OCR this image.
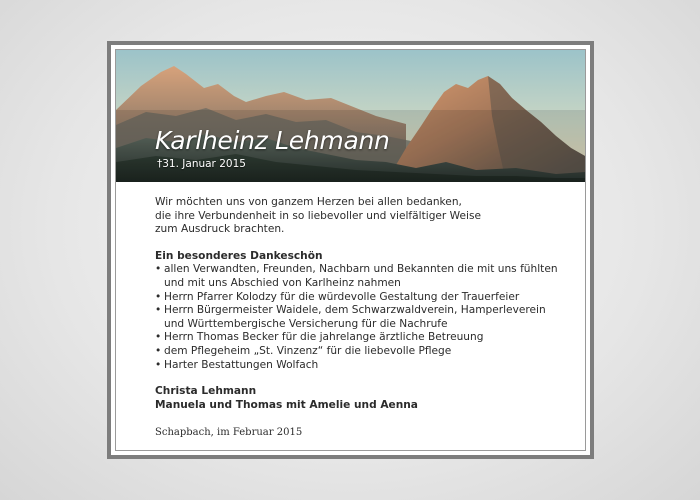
Karlheinz Lehmann
†31. Januar 2015
Wir möchten uns von ganzem Herzen bei allen bedanken,
die ihre Verbundenheit in so liebevoller und vielfältiger Weise
zum Ausdruck brachten.
Ein besonderes Dankeschön
• allen Verwandten, Freunden, Nachbarn und Bekannten die mit uns fühlten
und mit uns Abschied von Karlheinz nahmen
• Herrn Pfarrer Kolodzy für die würdevolle Gestaltung der Trauerfeier
• Herrn Bürgermeister Waidele, dem Schwarzwaldverein, Hamperleverein
und Württembergische Versicherung für die Nachrufe
• Herrn Thomas Becker für die jahrelange ärztliche Betreuung
• dem Pflegeheim „St. Vinzenz“ für die liebevolle Pflege
• Harter Bestattungen Wolfach
Christa Lehmann
Manuela und Thomas mit Amelie und Aenna
Schapbach, im Februar 2015
